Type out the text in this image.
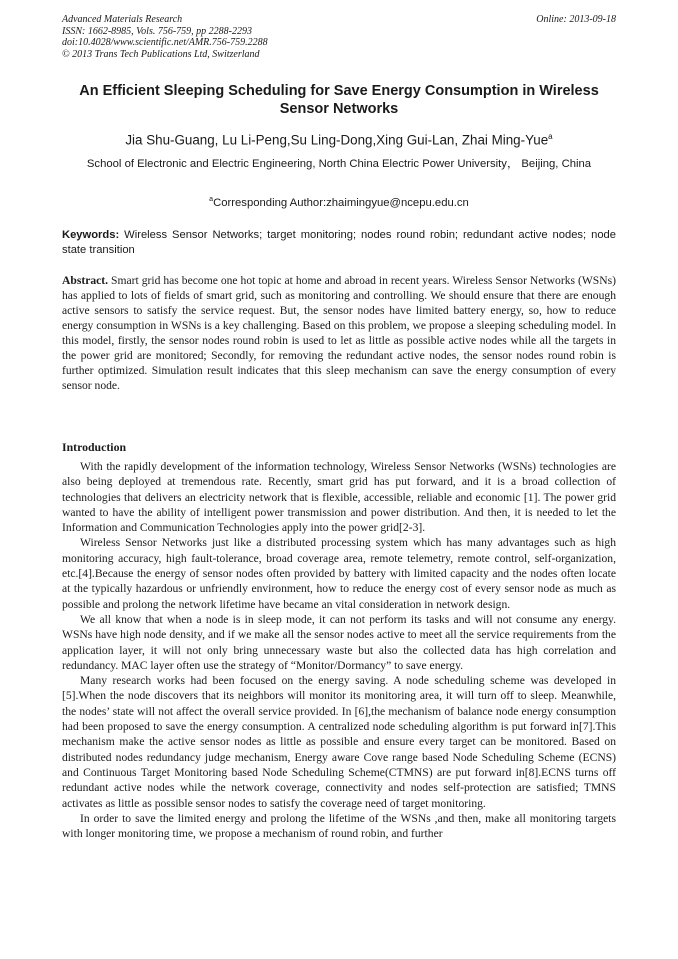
Advanced Materials Research
ISSN: 1662-8985, Vols. 756-759, pp 2288-2293
doi:10.4028/www.scientific.net/AMR.756-759.2288
© 2013 Trans Tech Publications Ltd, Switzerland
Online: 2013-09-18
An Efficient Sleeping Scheduling for Save Energy Consumption in Wireless Sensor Networks
Jia Shu-Guang, Lu Li-Peng,Su Ling-Dong,Xing Gui-Lan, Zhai Ming-Yue$^a$
School of Electronic and Electric Engineering, North China Electric Power University， Beijing, China
$^a$Corresponding Author:zhaimingyue@ncepu.edu.cn
Keywords: Wireless Sensor Networks; target monitoring; nodes round robin; redundant active nodes; node state transition
Abstract. Smart grid has become one hot topic at home and abroad in recent years. Wireless Sensor Networks (WSNs) has applied to lots of fields of smart grid, such as monitoring and controlling. We should ensure that there are enough active sensors to satisfy the service request. But, the sensor nodes have limited battery energy, so, how to reduce energy consumption in WSNs is a key challenging. Based on this problem, we propose a sleeping scheduling model. In this model, firstly, the sensor nodes round robin is used to let as little as possible active nodes while all the targets in the power grid are monitored; Secondly, for removing the redundant active nodes, the sensor nodes round robin is further optimized. Simulation result indicates that this sleep mechanism can save the energy consumption of every sensor node.
Introduction

With the rapidly development of the information technology, Wireless Sensor Networks (WSNs) technologies are also being deployed at tremendous rate. Recently, smart grid has put forward, and it is a broad collection of technologies that delivers an electricity network that is flexible, accessible, reliable and economic [1]. The power grid wanted to have the ability of intelligent power transmission and power distribution. And then, it is needed to let the Information and Communication Technologies apply into the power grid[2-3].

Wireless Sensor Networks just like a distributed processing system which has many advantages such as high monitoring accuracy, high fault-tolerance, broad coverage area, remote telemetry, remote control, self-organization, etc.[4].Because the energy of sensor nodes often provided by battery with limited capacity and the nodes often locate at the typically hazardous or unfriendly environment, how to reduce the energy cost of every sensor node as much as possible and prolong the network lifetime have became an vital consideration in network design.

We all know that when a node is in sleep mode, it can not perform its tasks and will not consume any energy. WSNs have high node density, and if we make all the sensor nodes active to meet all the service requirements from the application layer, it will not only bring unnecessary waste but also the collected data has high correlation and redundancy. MAC layer often use the strategy of “Monitor/Dormancy” to save energy.

Many research works had been focused on the energy saving. A node scheduling scheme was developed in [5].When the node discovers that its neighbors will monitor its monitoring area, it will turn off to sleep. Meanwhile, the nodes’ state will not affect the overall service provided. In [6],the mechanism of balance node energy consumption had been proposed to save the energy consumption. A centralized node scheduling algorithm is put forward in[7].This mechanism make the active sensor nodes as little as possible and ensure every target can be monitored. Based on distributed nodes redundancy judge mechanism, Energy aware Cove range based Node Scheduling Scheme (ECNS) and Continuous Target Monitoring based Node Scheduling Scheme(CTMNS) are put forward in[8].ECNS turns off redundant active nodes while the network coverage, connectivity and nodes self-protection are satisfied; TMNS activates as little as possible sensor nodes to satisfy the coverage need of target monitoring.

In order to save the limited energy and prolong the lifetime of the WSNs ,and then, make all monitoring targets with longer monitoring time, we propose a mechanism of round robin, and further
